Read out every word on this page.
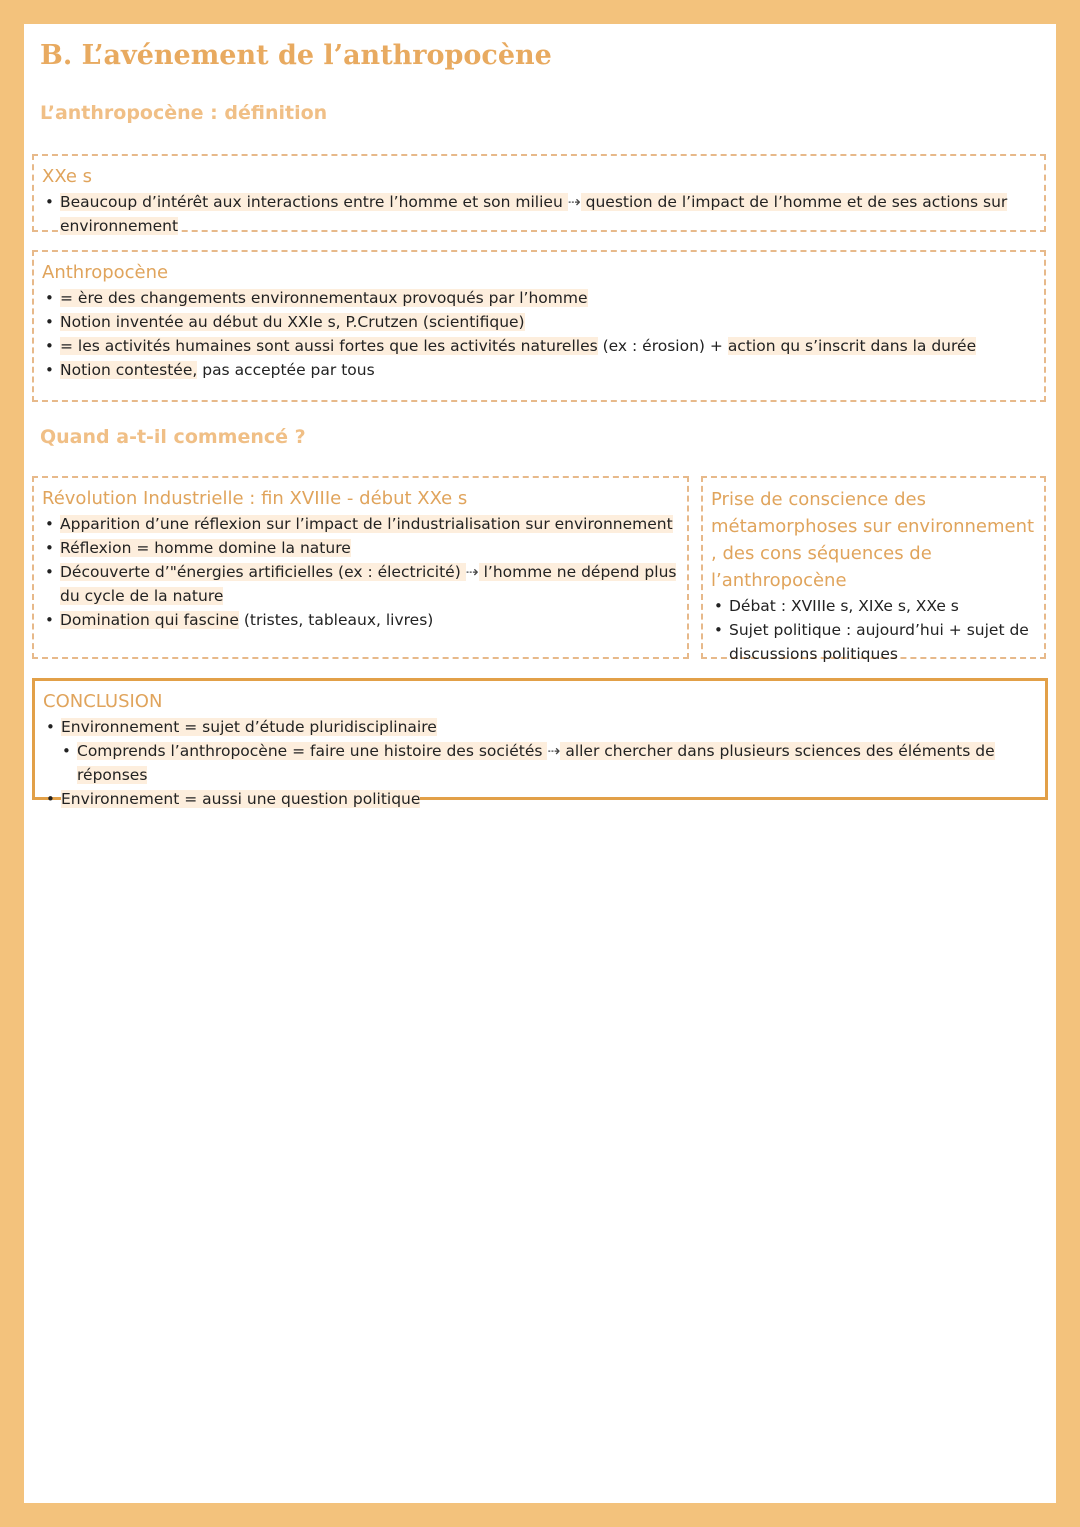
B. L’avénement de l’anthropocène
L’anthropocène : définition
XXe s
• Beaucoup d’intérêt aux interactions entre l’homme et son milieu ⇢ question de l’impact de l’homme et de ses actions sur environnement
Anthropocène
• = ère des changements environnementaux provoqués par l’homme
• Notion inventée au début du XXIe s, P.Crutzen (scientifique)
• = les activités humaines sont aussi fortes que les activités naturelles (ex : érosion) + action qu s’inscrit dans la durée
• Notion contestée, pas acceptée par tous
Quand a-t-il commencé ?
Révolution Industrielle : fin XVIIIe - début XXe s
• Apparition d’une réflexion sur l’impact de l’industrialisation sur environnement
• Réflexion = homme domine la nature
• Découverte d’"énergies artificielles (ex : électricité) ⇢ l’homme ne dépend plus du cycle de la nature
• Domination qui fascine (tristes, tableaux, livres)
Prise de conscience des métamorphoses sur environnement , des cons séquences de l’anthropocène
• Débat : XVIIIe s, XIXe s, XXe s
• Sujet politique : aujourd’hui + sujet de discussions politiques
CONCLUSION
• Environnement = sujet d’étude pluridisciplinaire
• Comprends l’anthropocène = faire une histoire des sociétés ⇢ aller chercher dans plusieurs sciences des éléments de réponses
• Environnement = aussi une question politique
